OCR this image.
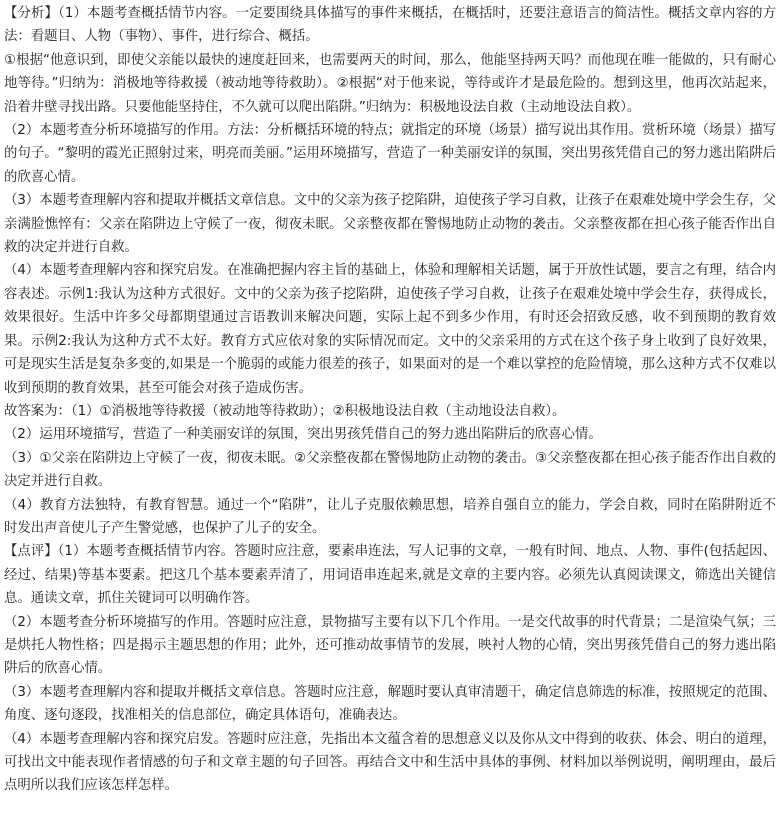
【分析】（1）本题考查概括情节内容。一定要围绕具体描写的事件来概括，在概括时，还要注意语言的简洁性。概括文章内容的方法：看题目、人物（事物）、事件，进行综合、概括。

①根据“他意识到，即使父亲能以最快的速度赶回来，也需要两天的时间，那么，他能坚持两天吗？而他现在唯一能做的，只有耐心地等待。”归纳为：消极地等待救援（被动地等待救助）。②根据“对于他来说，等待或许才是最危险的。想到这里，他再次站起来，沿着井壁寻找出路。只要他能坚持住，不久就可以爬出陷阱。”归纳为：积极地设法自救（主动地设法自救）。

（2）本题考查分析环境描写的作用。方法：分析概括环境的特点；就指定的环境（场景）描写说出其作用。赏析环境（场景）描写的句子。“黎明的霞光正照射过来，明亮而美丽。”运用环境描写，营造了一种美丽安详的氛围，突出男孩凭借自己的努力逃出陷阱后的欣喜心情。

（3）本题考查理解内容和提取并概括文章信息。文中的父亲为孩子挖陷阱，迫使孩子学习自救，让孩子在艰难处境中学会生存，父亲满脸憔悴有：父亲在陷阱边上守候了一夜，彻夜未眠。父亲整夜都在警惕地防止动物的袭击。父亲整夜都在担心孩子能否作出自救的决定并进行自救。

（4）本题考查理解内容和探究启发。在准确把握内容主旨的基础上，体验和理解相关话题，属于开放性试题，要言之有理，结合内容表述。示例1:我认为这种方式很好。文中的父亲为孩子挖陷阱，迫使孩子学习自救，让孩子在艰难处境中学会生存，获得成长，效果很好。生活中许多父母都期望通过言语教训来解决问题，实际上起不到多少作用，有时还会招致反感，收不到预期的教育效果。示例2:我认为这种方式不太好。教育方式应依对象的实际情况而定。文中的父亲采用的方式在这个孩子身上收到了良好效果，可是现实生活是复杂多变的,如果是一个脆弱的或能力很差的孩子，如果面对的是一个难以掌控的危险情境，那么这种方式不仅难以收到预期的教育效果，甚至可能会对孩子造成伤害。

故答案为：（1）①消极地等待救援（被动地等待救助）；②积极地设法自救（主动地设法自救）。

（2）运用环境描写，营造了一种美丽安详的氛围，突出男孩凭借自己的努力逃出陷阱后的欣喜心情。

（3）①父亲在陷阱边上守候了一夜，彻夜未眠。②父亲整夜都在警惕地防止动物的袭击。③父亲整夜都在担心孩子能否作出自救的决定并进行自救。

（4）教育方法独特，有教育智慧。通过一个“陷阱”，让儿子克服依赖思想，培养自强自立的能力，学会自救，同时在陷阱附近不时发出声音使儿子产生警觉感，也保护了儿子的安全。

【点评】（1）本题考查概括情节内容。答题时应注意，要素串连法，写人记事的文章，一般有时间、地点、人物、事件(包括起因、经过、结果)等基本要素。把这几个基本要素弄清了，用词语串连起来,就是文章的主要内容。必须先认真阅读课文，筛选出关键信息。通读文章，抓住关键词可以明确作答。

（2）本题考查分析环境描写的作用。答题时应注意，景物描写主要有以下几个作用。一是交代故事的时代背景；二是渲染气氛；三是烘托人物性格；四是揭示主题思想的作用；此外，还可推动故事情节的发展，映衬人物的心情，突出男孩凭借自己的努力逃出陷阱后的欣喜心情。

（3）本题考查理解内容和提取并概括文章信息。答题时应注意，解题时要认真审清题干，确定信息筛选的标准，按照规定的范围、角度、逐句逐段，找准相关的信息部位，确定具体语句，准确表达。

（4）本题考查理解内容和探究启发。答题时应注意，先指出本文蕴含着的思想意义以及你从文中得到的收获、体会、明白的道理，可找出文中能表现作者情感的句子和文章主题的句子回答。再结合文中和生活中具体的事例、材料加以举例说明，阐明理由，最后点明所以我们应该怎样怎样。
